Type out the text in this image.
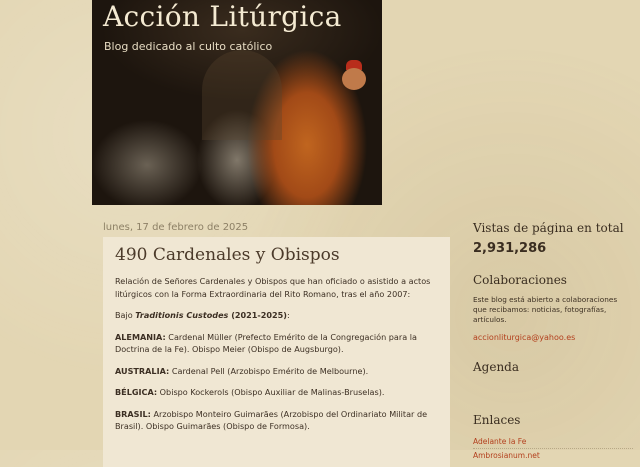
Acción Litúrgica
Blog dedicado al culto católico
lunes, 17 de febrero de 2025
490 Cardenales y Obispos

Relación de Señores Cardenales y Obispos que han oficiado o asistido a actos litúrgicos con la Forma Extraordinaria del Rito Romano, tras el año 2007:

Bajo Traditionis Custodes (2021-2025):

ALEMANIA: Cardenal Müller (Prefecto Emérito de la Congregación para la Doctrina de la Fe). Obispo Meier (Obispo de Augsburgo).

AUSTRALIA: Cardenal Pell (Arzobispo Emérito de Melbourne).

BÉLGICA: Obispo Kockerols (Obispo Auxiliar de Malinas-Bruselas).

BRASIL: Arzobispo Monteiro Guimarães (Arzobispo del Ordinariato Militar de Brasil). Obispo Guimarães (Obispo de Formosa).

Vistas de página en total
2,931,286
Colaboraciones
Este blog está abierto a colaboraciones que recibamos: noticias, fotografías, artículos.
accionliturgica@yahoo.es
Agenda
Enlaces
Adelante la Fe
Ambrosianum.net
